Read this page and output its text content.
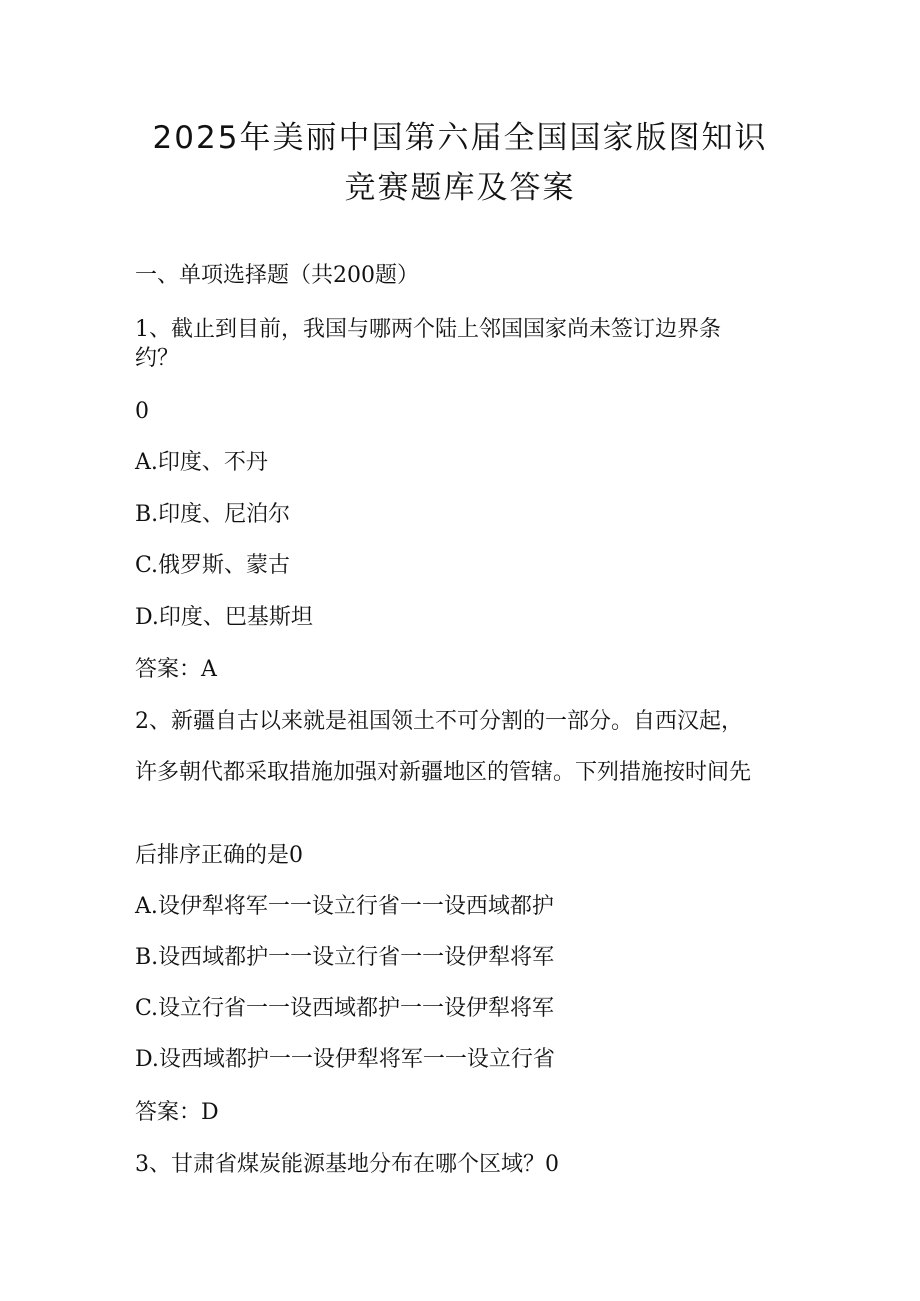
2025年美丽中国第六届全国国家版图知识
竞赛题库及答案

一、单项选择题（共200题）

1、截止到目前，我国与哪两个陆上邻国国家尚未签订边界条

约？

0

A.印度、不丹

B.印度、尼泊尔

C.俄罗斯、蒙古

D.印度、巴基斯坦

答案：A

2、新疆自古以来就是祖国领土不可分割的一部分。自西汉起，

许多朝代都采取措施加强对新疆地区的管辖。下列措施按时间先

后排序正确的是0

A.设伊犁将军一一设立行省一一设西域都护

B.设西域都护一一设立行省一一设伊犁将军

C.设立行省一一设西域都护一一设伊犁将军

D.设西域都护一一设伊犁将军一一设立行省

答案：D

3、甘肃省煤炭能源基地分布在哪个区域？0
